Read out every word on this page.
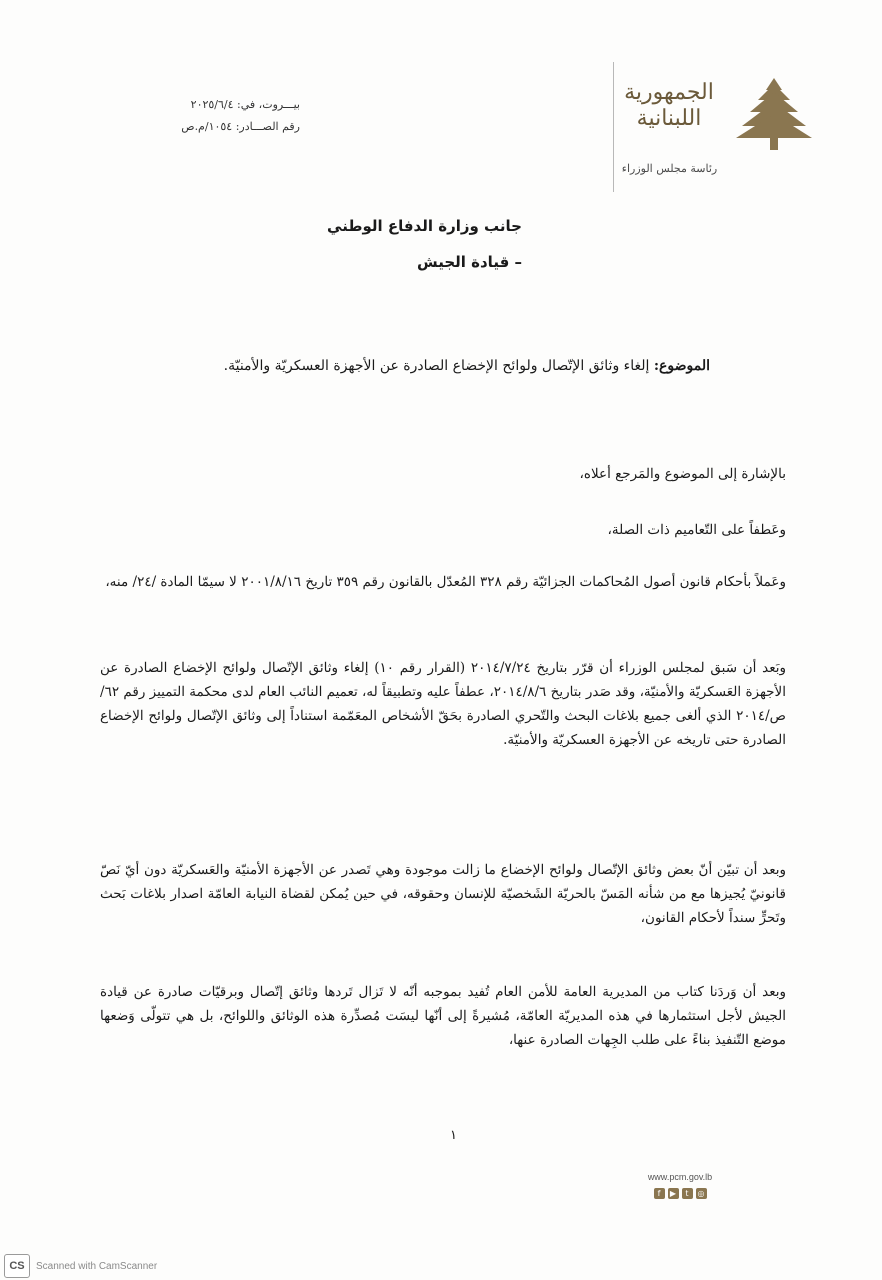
الجمهورية اللبنانية
رئاسة مجلس الوزراء
بيـــروت، في: ٢٠٢٥/٦/٤
رقم الصـــادر: ١٠٥٤/م.ص
جانب وزارة الدفاع الوطني
– قيادة الجيش
الموضوع: إلغاء وثائق الإتّصال ولوائح الإخضاع الصادرة عن الأجهزة العسكريّة والأمنيّة.
بالإشارة إلى الموضوع والمَرجع أعلاه،
وعَطفاً على التّعاميم ذات الصلة،
وعَملاً بأحكام قانون أصول المُحاكمات الجزائيّة رقم ٣٢٨ المُعدّل بالقانون رقم ٣٥٩ تاريخ ٢٠٠١/٨/١٦ لا سيمّا المادة /٢٤/ منه،
وبَعد أن سَبق لمجلس الوزراء أن قرّر بتاريخ ٢٠١٤/٧/٢٤ (القرار رقم ١٠) إلغاء وثائق الإتّصال ولوائح الإخضاع الصادرة عن الأجهزة العَسكريّة والأمنيّة، وقد صَدر بتاريخ ٢٠١٤/٨/٦، عطفاً عليه وتطبيقاً له، تعميم النائب العام لدى محكمة التمييز رقم ٦٢/ص/٢٠١٤ الذي ألغى جميع بلاغات البحث والتّحري الصادرة بحَقّ الأشخاص المعَمّمة استناداً إلى وثائق الإتّصال ولوائح الإخضاع الصادرة حتى تاريخه عن الأجهزة العسكريّة والأمنيّة.
وبعد أن تبيّن أنّ بعض وثائق الإتّصال ولوائح الإخضاع ما زالت موجودة وهي تَصدر عن الأجهزة الأمنيّة والعَسكريّة دون أيّ نَصّ قانونيّ يُجيزها مع من شأنه المَسّ بالحريّة الشَخصيّة للإنسان وحقوقه، في حين يُمكن لقضاة النيابة العامّة اصدار بلاغات بَحث وتَحرٍّ سنداً لأحكام القانون،
وبعد أن وَردَنا كتاب من المديرية العامة للأمن العام تُفيد بموجبه أنّه لا تَزال تَردها وثائق إتّصال وبرقيّات صادرة عن قيادة الجيش لأجل استثمارها في هذه المديريّة العامّة، مُشيرةً إلى أنّها ليسَت مُصدِّرة هذه الوثائق واللوائح، بل هي تتولّى وَضعها موضع التّنفيذ بناءً على طلب الجِهات الصادرة عنها،
١
www.pcm.gov.lb
f	▶	t	◎
CS	Scanned with CamScanner
